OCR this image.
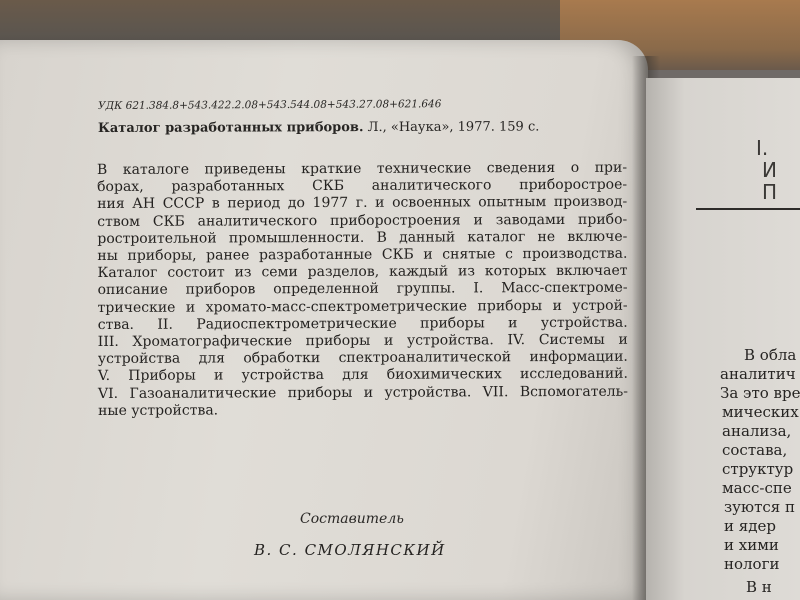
УДК 621.384.8+543.422.2.08+543.544.08+543.27.08+621.646
Каталог разработанных приборов. Л., «Наука», 1977. 159 с.
В каталоге приведены краткие технические сведения о при-
борах, разработанных СКБ аналитического приборострое-
ния АН СССР в период до 1977 г. и освоенных опытным производ-
ством СКБ аналитического приборостроения и заводами прибо-
ростроительной промышленности. В данный каталог не включе-
ны приборы, ранее разработанные СКБ и снятые с производства.
Каталог состоит из семи разделов, каждый из которых включает
описание приборов определенной группы. I. Масс-спектроме-
трические и хромато-масс-спектрометрические приборы и устрой-
ства. II. Радиоспектрометрические приборы и устройства.
III. Хроматографические приборы и устройства. IV. Системы и
устройства для обработки спектроаналитической информации.
V. Приборы и устройства для биохимических исследований.
VI. Газоаналитические приборы и устройства. VII. Вспомогатель-
ные устройства.
Составитель
В. С. СМОЛЯНСКИЙ
I.
И
П
В обла
аналитич
За это вре
мических
анализа,
состава,
структур
масс-спе
зуются п
и ядер
и хими
нологи
В н
